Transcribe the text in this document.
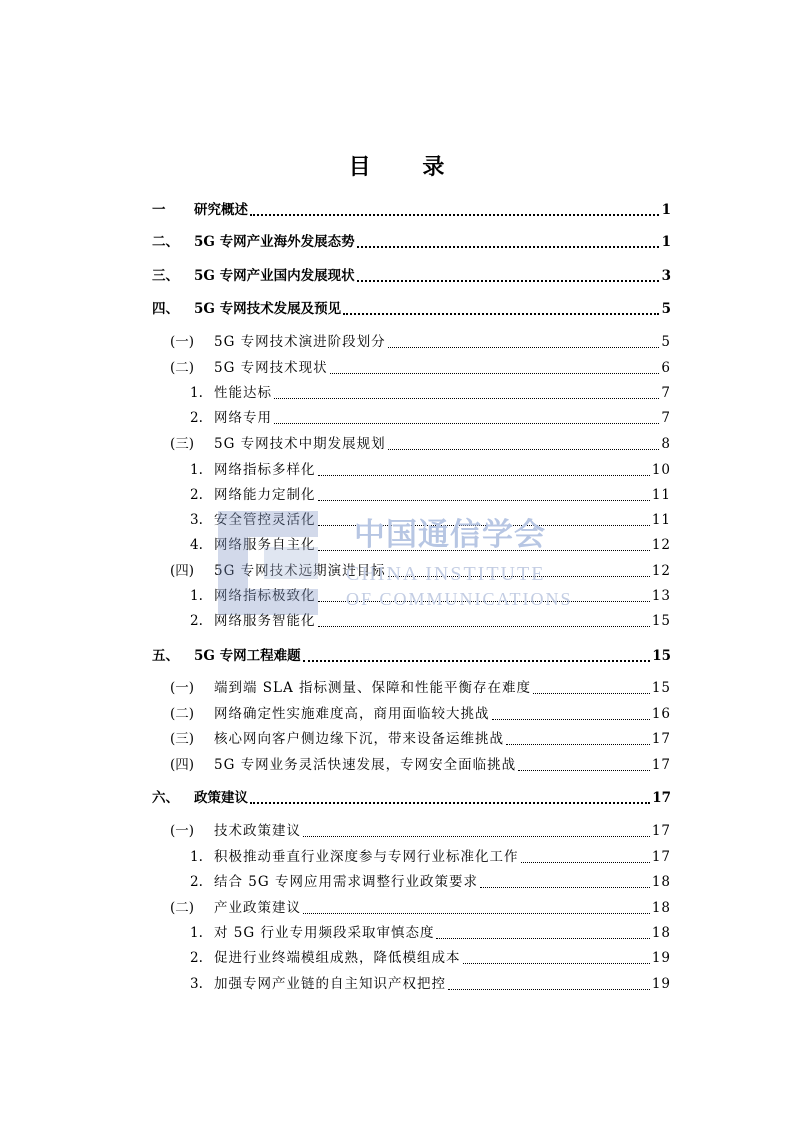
目 录
一	研究概述	1
二、	5G 专网产业海外发展态势	1
三、	5G 专网产业国内发展现状	3
四、	5G 专网技术发展及预见	5
(一)	5G 专网技术演进阶段划分	5
(二)	5G 专网技术现状	6
1. 性能达标	7
2. 网络专用	7
(三)	5G 专网技术中期发展规划	8
1. 网络指标多样化	10
2. 网络能力定制化	11
3. 安全管控灵活化	11
4. 网络服务自主化	12
(四)	5G 专网技术远期演进目标	12
1. 网络指标极致化	13
2. 网络服务智能化	15
五、	5G 专网工程难题	15
(一)	端到端 SLA 指标测量、保障和性能平衡存在难度	15
(二)	网络确定性实施难度高，商用面临较大挑战	16
(三)	核心网向客户侧边缘下沉，带来设备运维挑战	17
(四)	5G 专网业务灵活快速发展，专网安全面临挑战	17
六、	政策建议	17
(一)	技术政策建议	17
1. 积极推动垂直行业深度参与专网行业标准化工作	17
2. 结合 5G 专网应用需求调整行业政策要求	18
(二)	产业政策建议	18
1. 对 5G 行业专用频段采取审慎态度	18
2. 促进行业终端模组成熟，降低模组成本	19
3. 加强专网产业链的自主知识产权把控	19
中国通信学会
CHINA INSTITUTE
OF COMMUNICATIONS
